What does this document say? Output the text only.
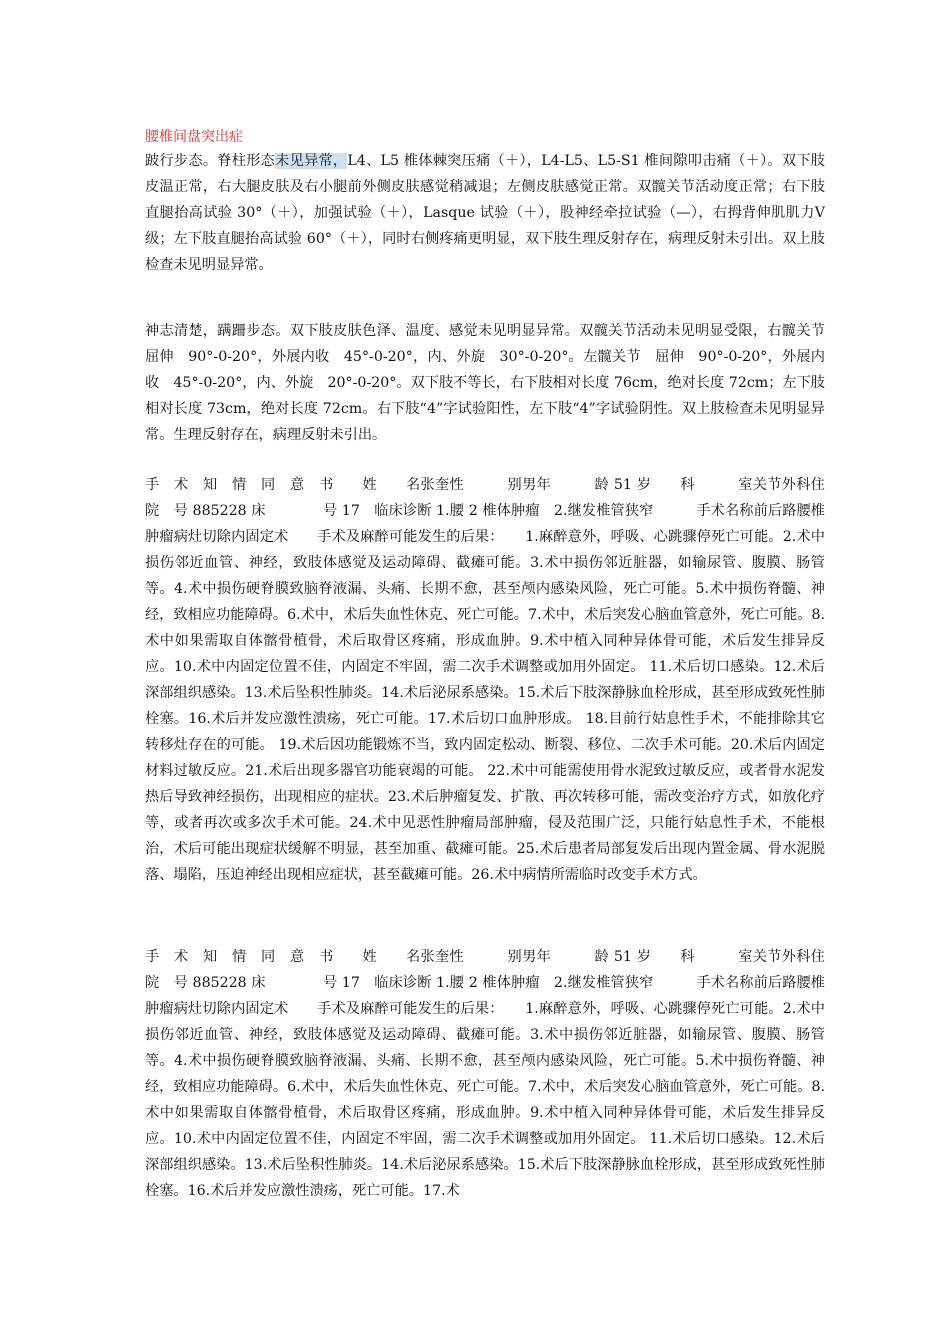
腰椎间盘突出症
跛行步态。脊柱形态未见异常，L4、L5 椎体棘突压痛（＋），L4-L5、L5-S1 椎间隙叩击痛（＋）。双下肢皮温正常，右大腿皮肤及右小腿前外侧皮肤感觉稍减退；左侧皮肤感觉正常。双髋关节活动度正常；右下肢直腿抬高试验 30°（＋），加强试验（＋），Lasque 试验（＋），股神经牵拉试验（—），右拇背伸肌肌力Ⅴ级；左下肢直腿抬高试验 60°（＋），同时右侧疼痛更明显，双下肢生理反射存在，病理反射未引出。双上肢检查未见明显异常。
神志清楚，蹒跚步态。双下肢皮肤色泽、温度、感觉未见明显异常。双髋关节活动未见明显受限，右髋关节　屈伸　90°-0-20°，外展内收　45°-0-20°，内、外旋　30°-0-20°。左髋关节　屈伸　90°-0-20°，外展内收　45°-0-20°，内、外旋　20°-0-20°。双下肢不等长，右下肢相对长度 76cm，绝对长度 72cm；左下肢相对长度 73cm，绝对长度 72cm。右下肢“4”字试验阳性，左下肢“4”字试验阴性。双上肢检查未见明显异常。生理反射存在，病理反射未引出。
手　术　知　情　同　意　书　　姓　　名张奎性　　　别男年　　　龄 51 岁　　科　　　室关节外科住　院　号 885228 床　　　　号 17　临床诊断 1.腰 2 椎体肿瘤　2.继发椎管狭窄　　　手术名称前后路腰椎肿瘤病灶切除内固定术　　手术及麻醉可能发生的后果：　　1.麻醉意外，呼吸、心跳骤停死亡可能。2.术中损伤邻近血管、神经，致肢体感觉及运动障碍、截瘫可能。3.术中损伤邻近脏器，如输尿管、腹膜、肠管等。4.术中损伤硬脊膜致脑脊液漏、头痛、长期不愈，甚至颅内感染风险，死亡可能。5.术中损伤脊髓、神经，致相应功能障碍。6.术中，术后失血性休克、死亡可能。7.术中，术后突发心脑血管意外，死亡可能。8.术中如果需取自体髂骨植骨，术后取骨区疼痛，形成血肿。9.术中植入同种异体骨可能，术后发生排异反应。10.术中内固定位置不佳，内固定不牢固，需二次手术调整或加用外固定。 11.术后切口感染。12.术后深部组织感染。13.术后坠积性肺炎。14.术后泌尿系感染。15.术后下肢深静脉血栓形成，甚至形成致死性肺栓塞。16.术后并发应激性溃疡，死亡可能。17.术后切口血肿形成。 18.目前行姑息性手术，不能排除其它转移灶存在的可能。 19.术后因功能锻炼不当，致内固定松动、断裂、移位、二次手术可能。20.术后内固定材料过敏反应。21.术后出现多器官功能衰竭的可能。 22.术中可能需使用骨水泥致过敏反应，或者骨水泥发热后导致神经损伤，出现相应的症状。23.术后肿瘤复发、扩散、再次转移可能，需改变治疗方式，如放化疗等，或者再次或多次手术可能。24.术中见恶性肿瘤局部肿瘤，侵及范围广泛，只能行姑息性手术，不能根治，术后可能出现症状缓解不明显，甚至加重、截瘫可能。25.术后患者局部复发后出现内置金属、骨水泥脱落、塌陷，压迫神经出现相应症状，甚至截瘫可能。26.术中病情所需临时改变手术方式。
手　术　知　情　同　意　书　　姓　　名张奎性　　　别男年　　　龄 51 岁　　科　　　室关节外科住　院　号 885228 床　　　　号 17　临床诊断 1.腰 2 椎体肿瘤　2.继发椎管狭窄　　　手术名称前后路腰椎肿瘤病灶切除内固定术　　手术及麻醉可能发生的后果：　　1.麻醉意外，呼吸、心跳骤停死亡可能。2.术中损伤邻近血管、神经，致肢体感觉及运动障碍、截瘫可能。3.术中损伤邻近脏器，如输尿管、腹膜、肠管等。4.术中损伤硬脊膜致脑脊液漏、头痛、长期不愈，甚至颅内感染风险，死亡可能。5.术中损伤脊髓、神经，致相应功能障碍。6.术中，术后失血性休克、死亡可能。7.术中，术后突发心脑血管意外，死亡可能。8.术中如果需取自体髂骨植骨，术后取骨区疼痛，形成血肿。9.术中植入同种异体骨可能，术后发生排异反应。10.术中内固定位置不佳，内固定不牢固，需二次手术调整或加用外固定。 11.术后切口感染。12.术后深部组织感染。13.术后坠积性肺炎。14.术后泌尿系感染。15.术后下肢深静脉血栓形成，甚至形成致死性肺栓塞。16.术后并发应激性溃疡，死亡可能。17.术
